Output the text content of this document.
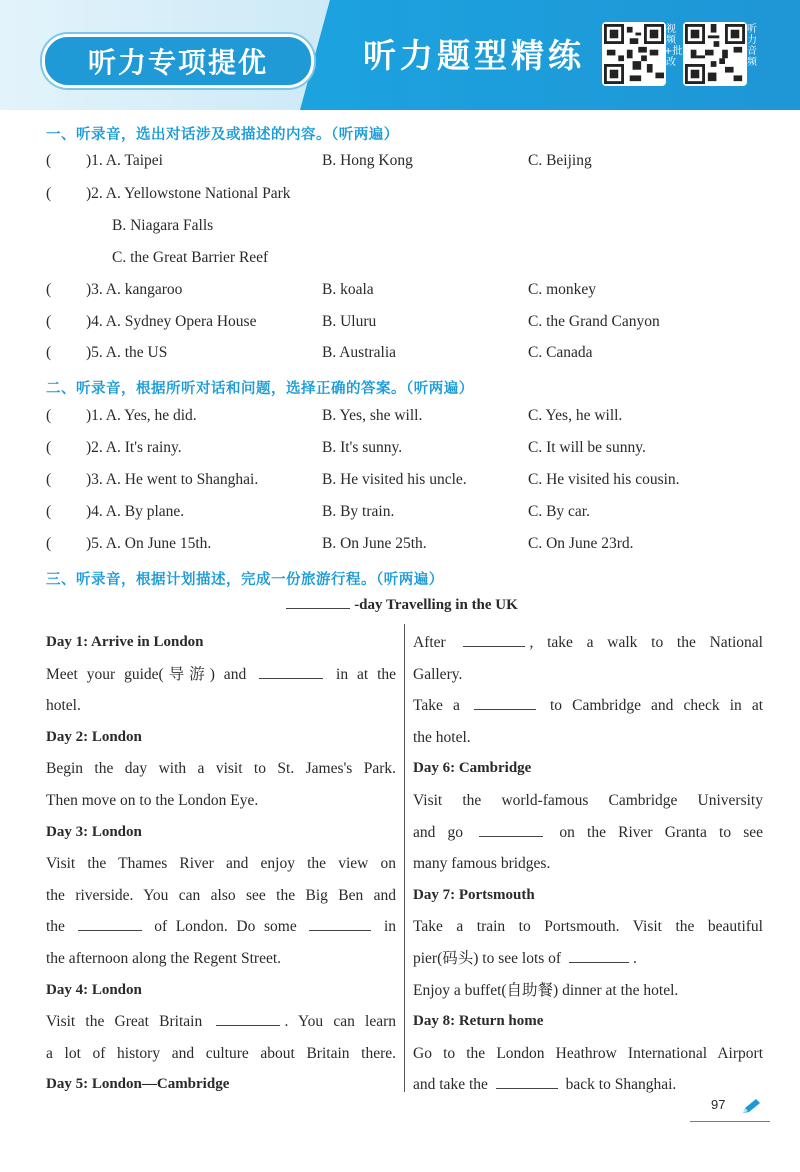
听力专项提优	听力题型精练
视频+批改
听力音频
一、听录音，选出对话涉及或描述的内容。（听两遍）
( )1. A. Taipei	B. Hong Kong	C. Beijing
( )2. A. Yellowstone National Park
B. Niagara Falls
C. the Great Barrier Reef
( )3. A. kangaroo	B. koala	C. monkey
( )4. A. Sydney Opera House	B. Uluru	C. the Grand Canyon
( )5. A. the US	B. Australia	C. Canada
二、听录音，根据所听对话和问题，选择正确的答案。（听两遍）
( )1. A. Yes, he did.	B. Yes, she will.	C. Yes, he will.
( )2. A. It's rainy.	B. It's sunny.	C. It will be sunny.
( )3. A. He went to Shanghai.	B. He visited his uncle.	C. He visited his cousin.
( )4. A. By plane.	B. By train.	C. By car.
( )5. A. On June 15th.	B. On June 25th.	C. On June 23rd.
三、听录音，根据计划描述，完成一份旅游行程。（听两遍）
-day Travelling in the UK
Day 1: Arrive in London
Meet your guide(导游) and	in at the
hotel.
Day 2: London
Begin the day with a visit to St. James's Park.
Then move on to the London Eye.
Day 3: London
Visit the Thames River and enjoy the view on
the riverside. You can also see the Big Ben and
the	of London. Do some	in
the afternoon along the Regent Street.
Day 4: London
Visit the Great Britain	. You can learn
a lot of history and culture about Britain there.
Day 5: London—Cambridge
After	, take a walk to the National
Gallery.
Take a	to Cambridge and check in at
the hotel.
Day 6: Cambridge
Visit the world-famous Cambridge University
and go	on the River Granta to see
many famous bridges.
Day 7: Portsmouth
Take a train to Portsmouth. Visit the beautiful
pier(码头) to see lots of	.
Enjoy a buffet(自助餐) dinner at the hotel.
Day 8: Return home
Go to the London Heathrow International Airport
and take the	back to Shanghai.
97
